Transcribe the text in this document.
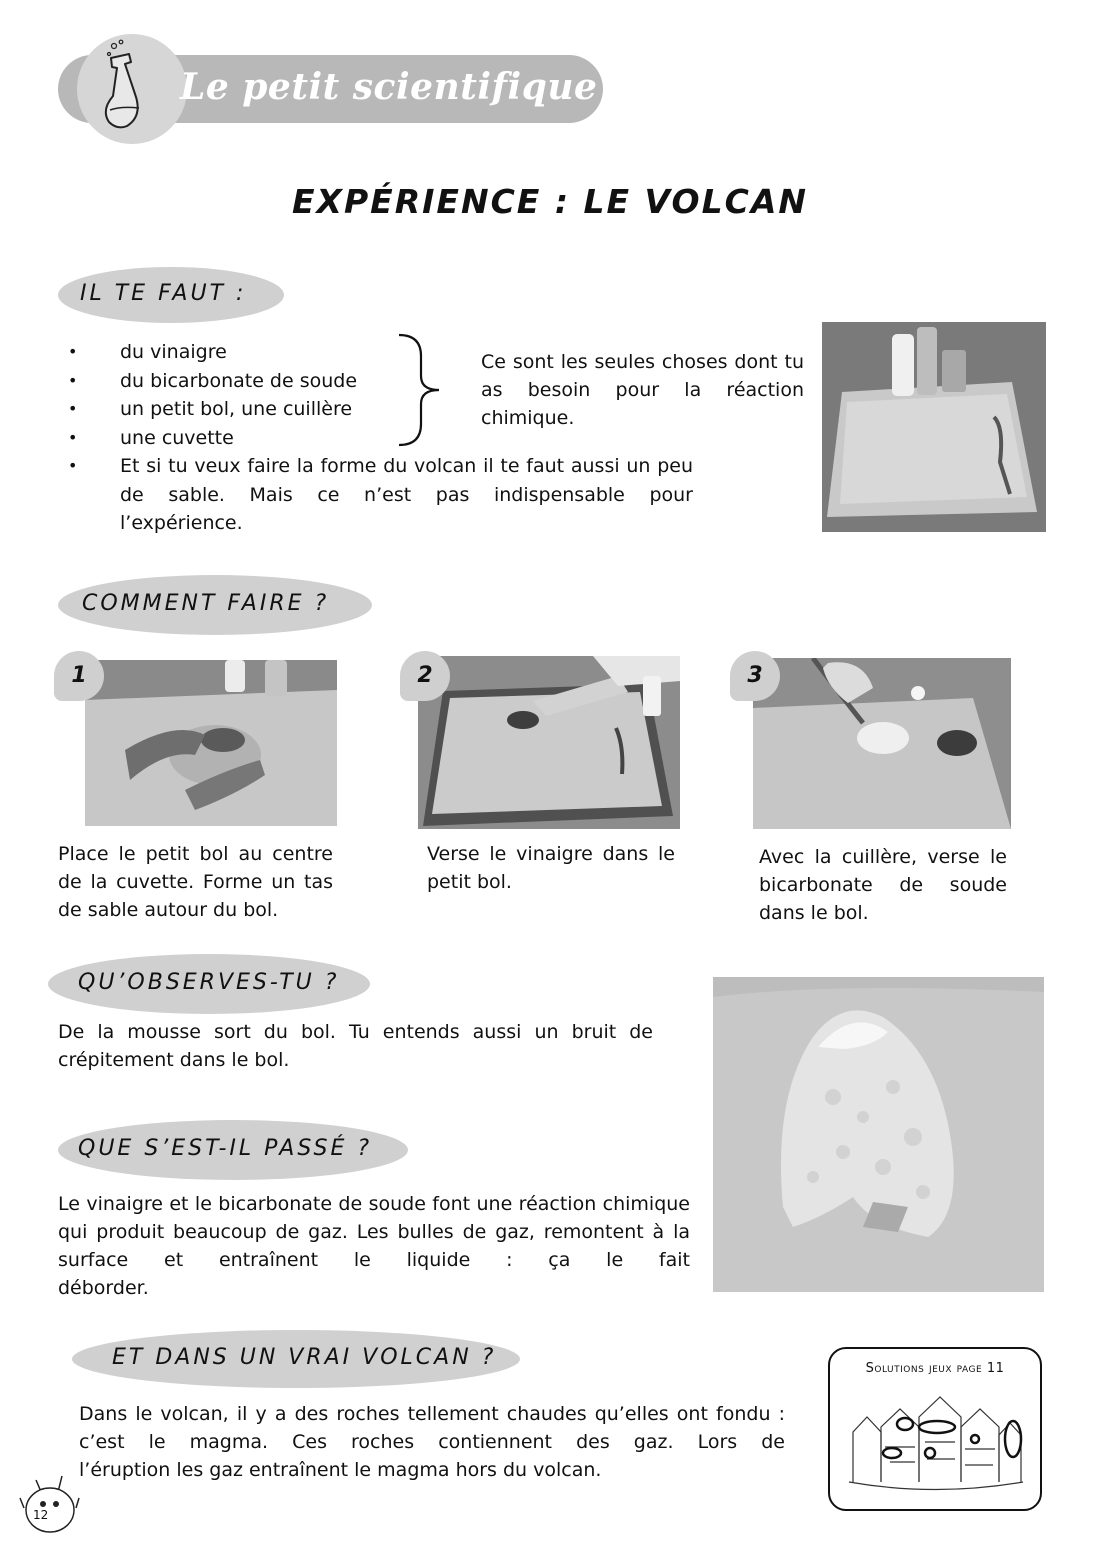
Le petit scientifique
EXPÉRIENCE : LE VOLCAN
IL TE FAUT :
• du vinaigre
• du bicarbonate de soude
• un petit bol, une cuillère
• une cuvette
Ce sont les seules choses dont tu as besoin pour la réaction chimique.
• Et si tu veux faire la forme du volcan il te faut aussi un peu de sable. Mais ce n’est pas indispensable pour
l’expérience.
COMMENT FAIRE ?
1
Place le petit bol au centre de la cuvette. Forme un tas de sable autour du bol.
2
Verse le vinaigre dans le petit bol.
3
Avec la cuillère, verse le bicarbonate de soude dans le bol.
QU’OBSERVES-TU ?
De la mousse sort du bol. Tu entends aussi un bruit de crépitement dans le bol.
QUE S’EST-IL PASSÉ ?
Le vinaigre et le bicarbonate de soude font une réaction chimique qui produit beaucoup de gaz. Les bulles de gaz, remontent à la surface et entraînent le liquide : ça le fait
déborder.
ET DANS UN VRAI VOLCAN ?
Dans le volcan, il y a des roches tellement chaudes qu’elles ont fondu : c’est le magma. Ces roches contiennent des gaz. Lors de
l’éruption les gaz entraînent le magma hors du volcan.
Solutions jeux page 11
12
